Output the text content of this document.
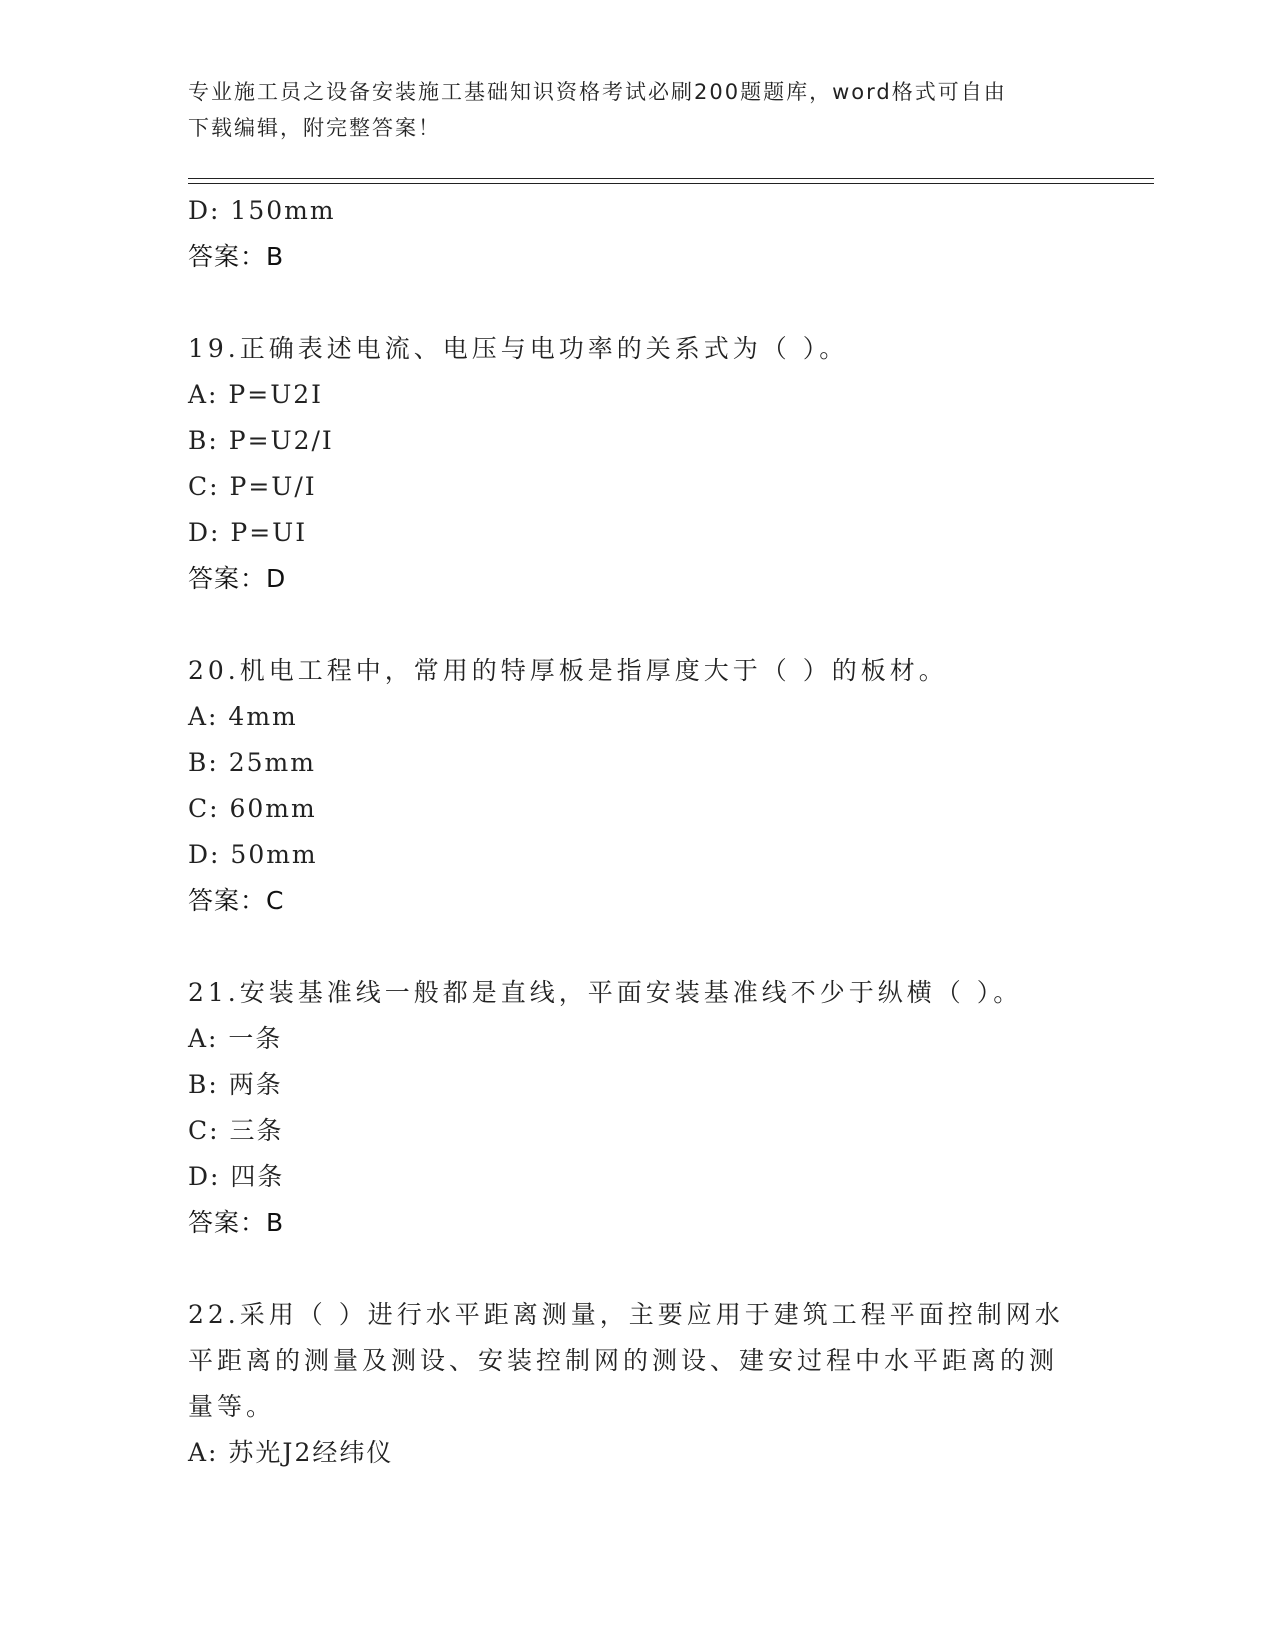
专业施工员之设备安装施工基础知识资格考试必刷200题题库，word格式可自由
下载编辑，附完整答案！
D: 150mm
答案：B
19.正确表述电流、电压与电功率的关系式为（ ）。
A: P=U2I
B: P=U2/I
C: P=U/I
D: P=UI
答案：D
20.机电工程中，常用的特厚板是指厚度大于（ ）的板材。
A: 4mm
B: 25mm
C: 60mm
D: 50mm
答案：C
21.安装基准线一般都是直线，平面安装基准线不少于纵横（ ）。
A: 一条
B: 两条
C: 三条
D: 四条
答案：B
22.采用（ ）进行水平距离测量，主要应用于建筑工程平面控制网水平距离的测量及测设、安装控制网的测设、建安过程中水平距离的测量等。
A: 苏光J2经纬仪
